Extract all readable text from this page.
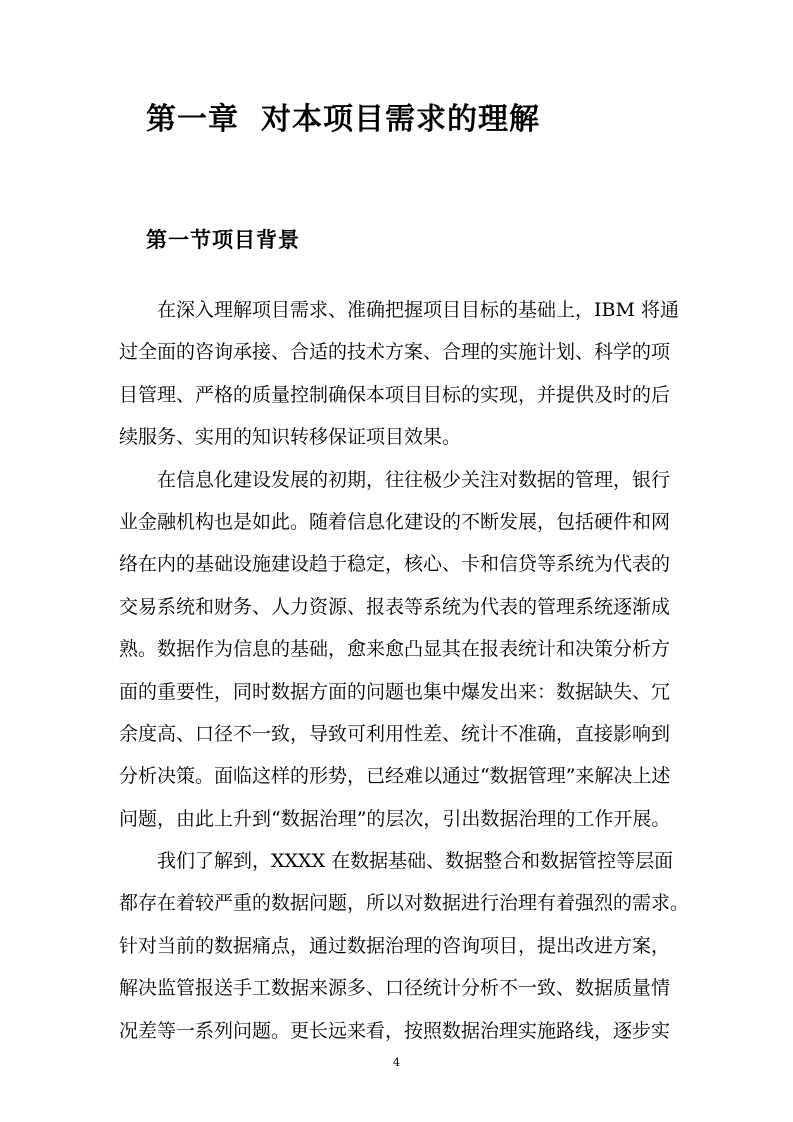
第一章 对本项目需求的理解
第一节项目背景

在深入理解项目需求、准确把握项目目标的基础上，IBM 将通
过全面的咨询承接、合适的技术方案、合理的实施计划、科学的项
目管理、严格的质量控制确保本项目目标的实现，并提供及时的后
续服务、实用的知识转移保证项目效果。

在信息化建设发展的初期，往往极少关注对数据的管理，银行
业金融机构也是如此。随着信息化建设的不断发展，包括硬件和网
络在内的基础设施建设趋于稳定，核心、卡和信贷等系统为代表的
交易系统和财务、人力资源、报表等系统为代表的管理系统逐渐成
熟。数据作为信息的基础，愈来愈凸显其在报表统计和决策分析方
面的重要性，同时数据方面的问题也集中爆发出来：数据缺失、冗
余度高、口径不一致，导致可利用性差、统计不准确，直接影响到
分析决策。面临这样的形势，已经难以通过“数据管理”来解决上述
问题，由此上升到“数据治理”的层次，引出数据治理的工作开展。

我们了解到，XXXX 在数据基础、数据整合和数据管控等层面
都存在着较严重的数据问题，所以对数据进行治理有着强烈的需求。
针对当前的数据痛点，通过数据治理的咨询项目，提出改进方案，
解决监管报送手工数据来源多、口径统计分析不一致、数据质量情
况差等一系列问题。更长远来看，按照数据治理实施路线，逐步实

4
